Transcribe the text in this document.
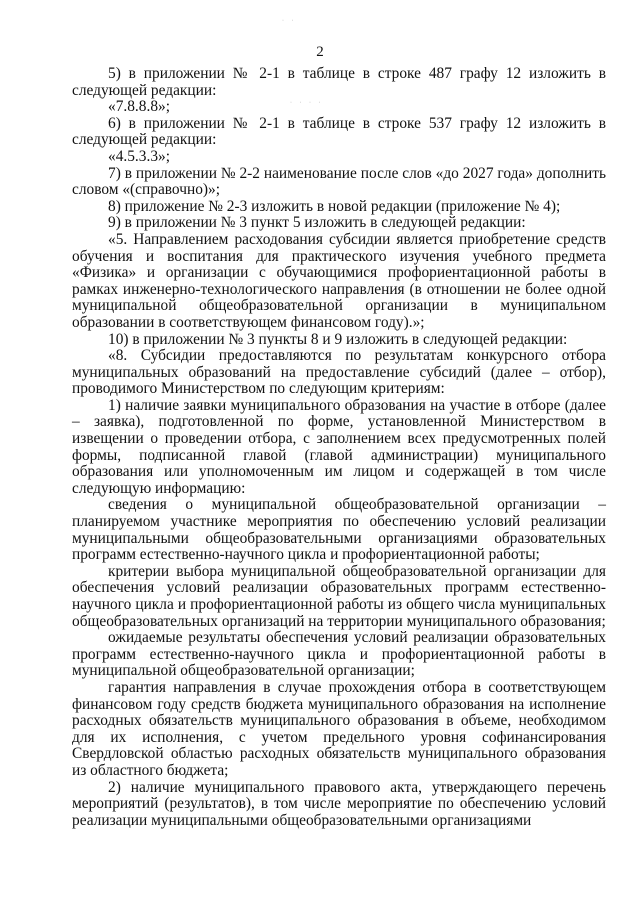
· ·
· · · ·
2

5) в приложении № 2-1 в таблице в строке 487 графу 12 изложить в следующей редакции:

«7.8.8.8»;

6) в приложении № 2-1 в таблице в строке 537 графу 12 изложить в следующей редакции:

«4.5.3.3»;

7) в приложении № 2-2 наименование после слов «до 2027 года» дополнить словом «(справочно)»;

8) приложение № 2-3 изложить в новой редакции (приложение № 4);

9) в приложении № 3 пункт 5 изложить в следующей редакции:

«5. Направлением расходования субсидии является приобретение средств обучения и воспитания для практического изучения учебного предмета «Физика» и организации с обучающимися профориентационной работы в рамках инженерно-технологического направления (в отношении не более одной муниципальной общеобразовательной организации в муниципальном образовании в соответствующем финансовом году).»;

10) в приложении № 3 пункты 8 и 9 изложить в следующей редакции:

«8. Субсидии предоставляются по результатам конкурсного отбора муниципальных образований на предоставление субсидий (далее – отбор), проводимого Министерством по следующим критериям:

1) наличие заявки муниципального образования на участие в отборе (далее – заявка), подготовленной по форме, установленной Министерством в извещении о проведении отбора, с заполнением всех предусмотренных полей формы, подписанной главой (главой администрации) муниципального образования или уполномоченным им лицом и содержащей в том числе следующую информацию:

сведения о муниципальной общеобразовательной организации – планируемом участнике мероприятия по обеспечению условий реализации муниципальными общеобразовательными организациями образовательных программ естественно-научного цикла и профориентационной работы;

критерии выбора муниципальной общеобразовательной организации для обеспечения условий реализации образовательных программ естественно-научного цикла и профориентационной работы из общего числа муниципальных общеобразовательных организаций на территории муниципального образования;

ожидаемые результаты обеспечения условий реализации образовательных программ естественно-научного цикла и профориентационной работы в муниципальной общеобразовательной организации;

гарантия направления в случае прохождения отбора в соответствующем финансовом году средств бюджета муниципального образования на исполнение расходных обязательств муниципального образования в объеме, необходимом для их исполнения, с учетом предельного уровня софинансирования Свердловской областью расходных обязательств муниципального образования из областного бюджета;

2) наличие муниципального правового акта, утверждающего перечень мероприятий (результатов), в том числе мероприятие по обеспечению условий реализации муниципальными общеобразовательными организациями
